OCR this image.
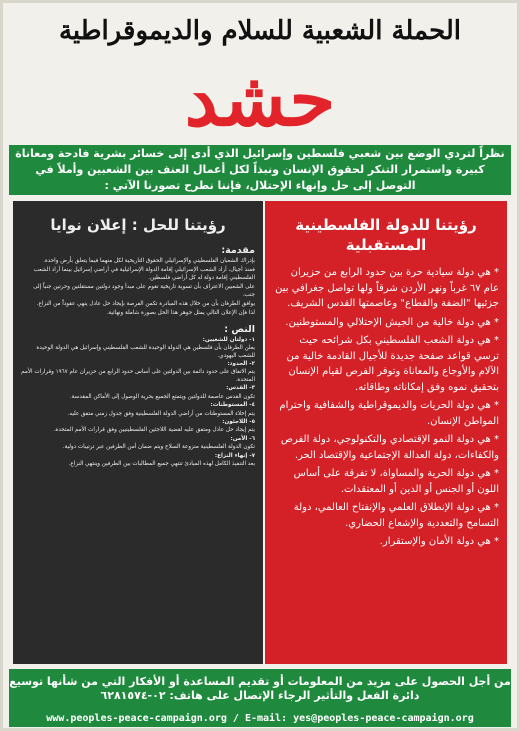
الحملة الشعبية للسلام والديموقراطية
حشد
نظراً لتردي الوضع بين شعبي فلسطين وإسرائيل الذي أدى إلى خسائر بشرية فادحة ومعاناة كبيرة واستمرار التنكر لحقوق الإنسان ونبذاً لكل أعمال العنف بين الشعبين وأملاً في التوصل إلى حل وإنهاء الإحتلال، فإننا نطرح تصورنا الآتي :
رؤيتنا للحل : إعلان نوايا
مقدمة:

بإدراك الشعبان الفلسطيني والإسرائيلي الحقوق التاريخية لكل منهما فيما يتعلق بأرض واحدة.

فمنذ أجيال، أراد الشعب الإسرائيلي إقامة الدولة الإسرائيلية في أراضي إسرائيل بينما أراد الشعب الفلسطيني إقامة دولة له كل أراضي فلسطين.

على الشعبين الاعتراف بأن تسوية تاريخية تقوم على مبدأ وجود دولتين مستقلتين وحرتين جنباً إلى جنب.

يوافق الطرفان بأن من خلال هذه المبادرة تكمن الفرصة بإيجاد حل عادل ينهي عقوداً من النزاع.

لذا فإن الإعلان التالي يمثل جوهر هذا الحل بصورة شاملة ونهائية.

النص :
١- دولتان للشعبين:
يعلن الطرفان بأن فلسطين هي الدولة الوحيدة للشعب الفلسطيني وإسرائيل هي الدولة الوحيدة للشعب اليهودي.
٢- الحدود:
يتم الاتفاق على حدود دائمة بين الدولتين على أساس حدود الرابع من حزيران عام ١٩٦٧ وقرارات الأمم المتحدة.
٣- القدس:
تكون القدس عاصمة للدولتين ويتمتع الجميع بحرية الوصول إلى الأماكن المقدسة.
٤- المستوطنات:
يتم إخلاء المستوطنات من أراضي الدولة الفلسطينية وفق جدول زمني متفق عليه.
٥- اللاجئون:
يتم إيجاد حل عادل ومتفق عليه لقضية اللاجئين الفلسطينيين وفق قرارات الأمم المتحدة.
٦- الأمن:
تكون الدولة الفلسطينية منزوعة السلاح ويتم ضمان أمن الطرفين عبر ترتيبات دولية.
٧- إنهاء النزاع:
بعد التنفيذ الكامل لهذه المبادئ تنتهي جميع المطالبات بين الطرفين وينتهي النزاع.
رؤيتنا للدولة الفلسطينية المستقبلية

* هي دولة سيادية حرة بين حدود الرابع من حزيران عام ٦٧ غرباً ونهر الأردن شرقاً ولها تواصل جغرافي بين جزئيها "الضفة والقطاع" وعاصمتها القدس الشريف.

* هي دولة خالية من الجيش الإحتلالي والمستوطنين.

* هي دولة الشعب الفلسطيني بكل شرائحه حيث ترسي قواعد صفحة جديدة للأجيال القادمة خالية من الآلام والأوجاع والمعاناة وتوفر الفرص لقيام الإنسان بتحقيق نموه وفق إمكاناته وطاقاته.

* هي دولة الحريات والديموقراطية والشفافية واحترام المواطن الإنسان.

* هي دولة النمو الإقتصادي والتكنولوجي، دولة الفرص والكفاءات، دولة العدالة الإجتماعية والإقتصاد الحر.

* هي دولة الحرية والمساواة، لا تفرقة على أساس اللون أو الجنس أو الدين أو المعتقدات.

* هي دولة الإنطلاق العلمي والإنفتاح العالمي، دولة التسامح والتعددية والإشعاع الحضاري.

* هي دولة الأمان والإستقرار.

من أجل الحصول على مزيد من المعلومات أو تقديم المساعدة أو الأفكار التي من شأنها توسيع
دائرة الفعل والتأثير الرجاء الإتصال على هاتف: ٠٢-٦٢٨١٥٧٤
www.peoples-peace-campaign.org / E-mail: yes@peoples-peace-campaign.org
